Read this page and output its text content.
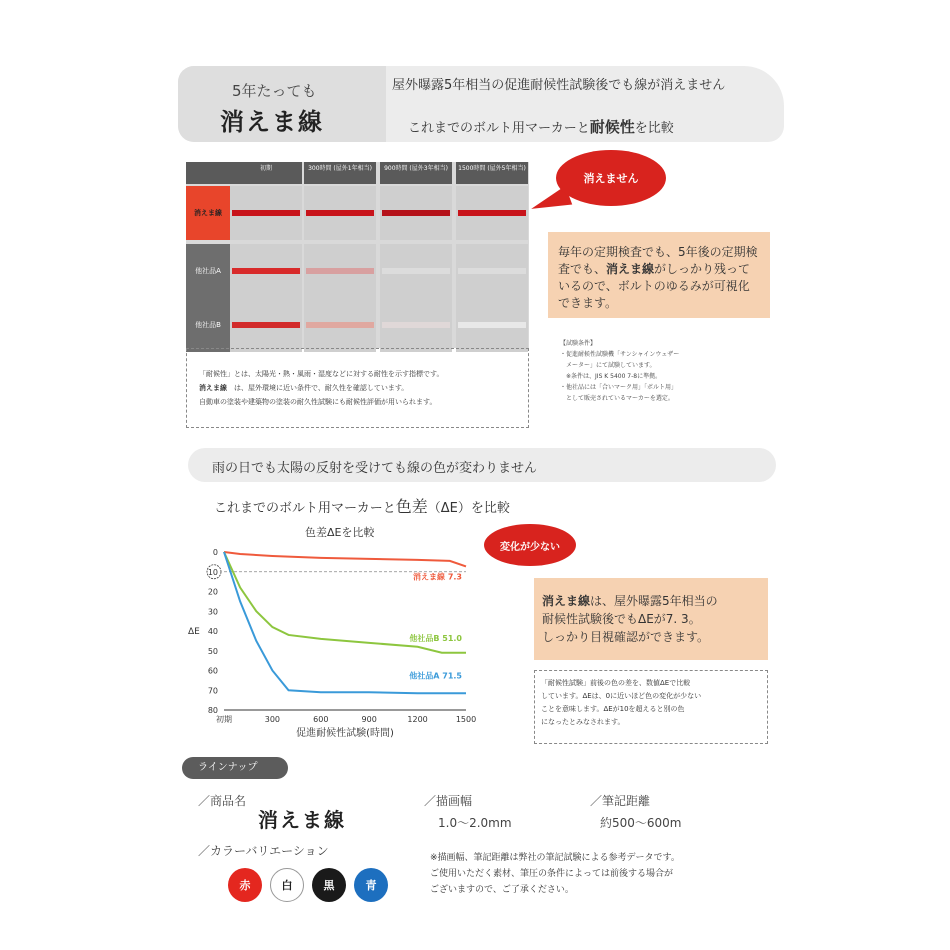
5年たっても
消えま線
屋外曝露5年相当の促進耐候性試験後でも線が消えません
これまでのボルト用マーカーと耐候性を比較
初期	300時間 (屋外1年相当)	900時間 (屋外3年相当)	1500時間 (屋外5年相当)
消えま線
他社品A
他社品B
消えません

毎年の定期検査でも、5年後の定期検査でも、消えま線がしっかり残っているので、ボルトのゆるみが可視化できます。

【試験条件】
・促進耐候性試験機「サンシャインウェザー
　メーター」にて試験しています。
　※条件は、JIS K 5400 7-8に準拠。
・他社品には「合いマーク用」「ボルト用」
　として販売されているマーカーを選定。

「耐候性」とは、太陽光・熱・風雨・湿度などに対する耐性を示す指標です。
消えま線　 は、屋外環境に近い条件で、耐久性を確認しています。
自動車の塗装や建築物の塗装の耐久性試験にも耐候性評価が用いられます。

雨の日でも太陽の反射を受けても線の色が変わりません
これまでのボルト用マーカーと色差（ΔE）を比較
色差ΔEを比較
0
10
20
30
40
50
60
70
80
ΔE
初期	300	600	900	1200	1500
促進耐候性試験(時間)
消えま線 7.3
他社品B 51.0
他社品A 71.5
変化が少ない

消えま線は、屋外曝露5年相当の
耐候性試験後でもΔEが7. 3。
しっかり目視確認ができます。

「耐候性試験」前後の色の差を、数値ΔEで比較
しています。ΔEは、0に近いほど色の変化が少ない
ことを意味します。ΔEが10を超えると別の色
になったとみなされます。

ラインナップ
／商品名
消えま線
／描画幅
1.0〜2.0mm
／筆記距離
約500〜600m
／カラーバリエーション
赤	白	黒	青
※描画幅、筆記距離は弊社の筆記試験による参考データです。
ご使用いただく素材、筆圧の条件によっては前後する場合が
ございますので、ご了承ください。
